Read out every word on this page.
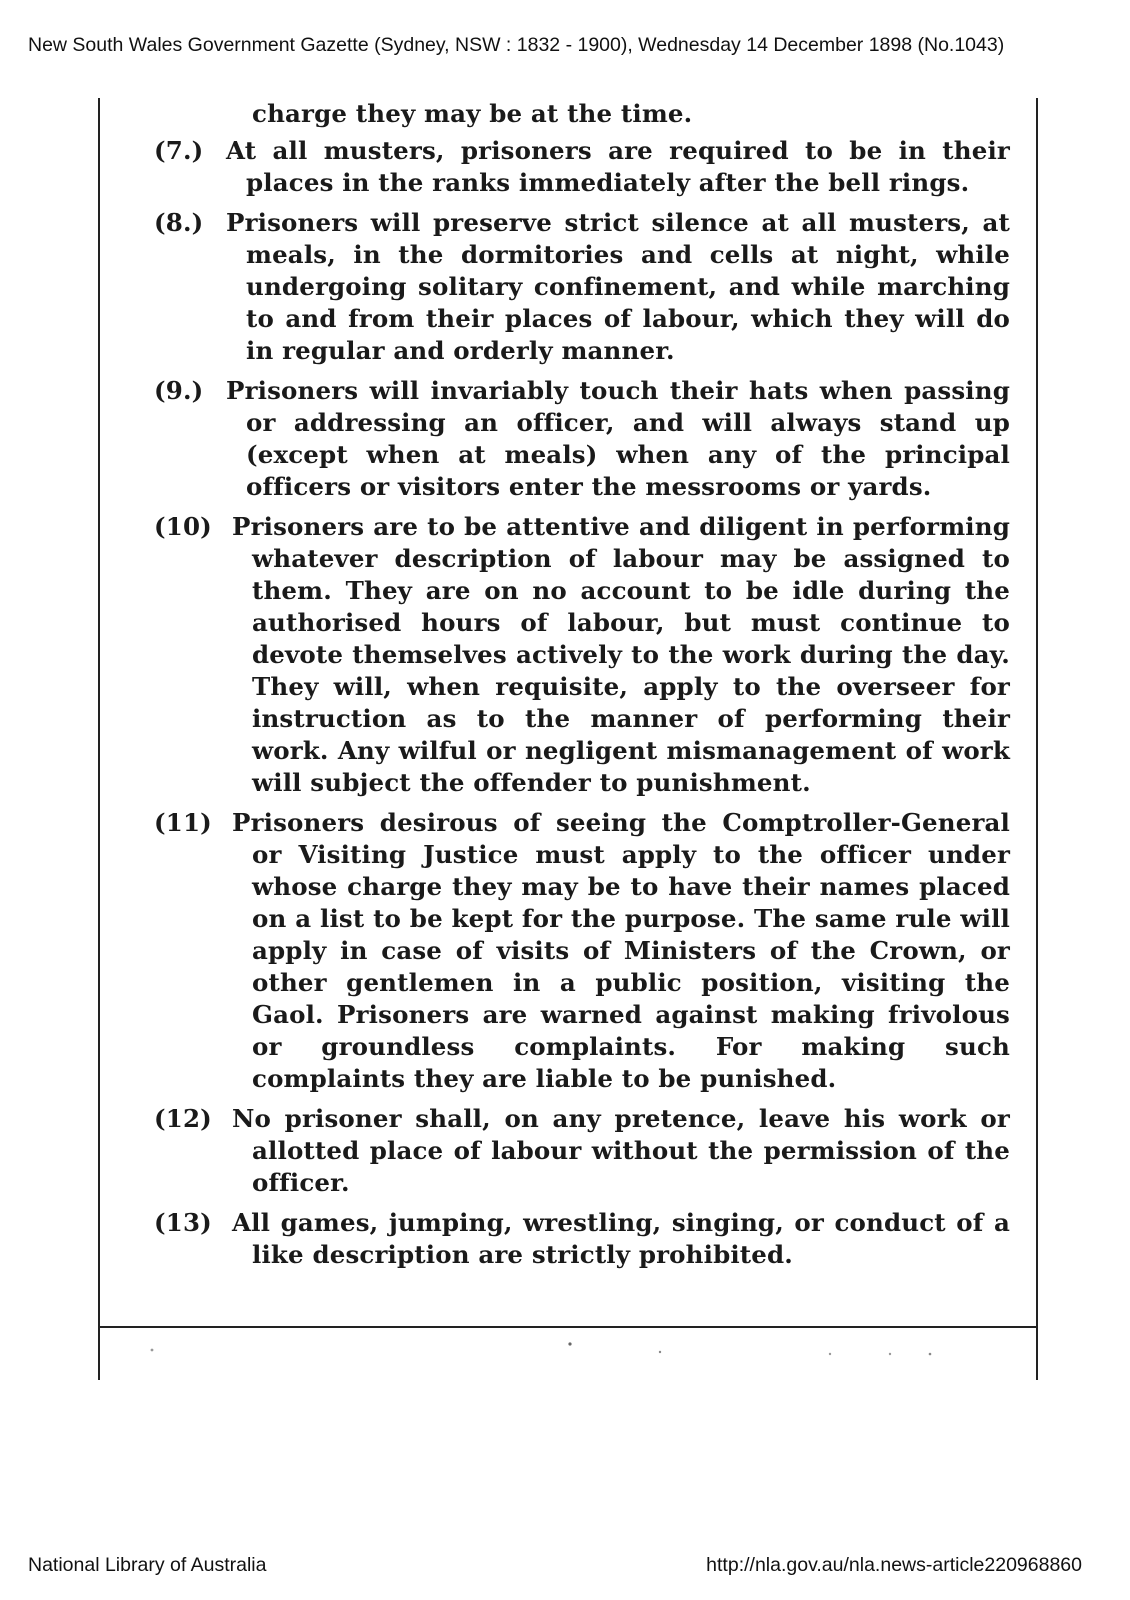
New South Wales Government Gazette (Sydney, NSW : 1832 - 1900), Wednesday 14 December 1898 (No.1043)

charge they may be at the time.

(7.) At all musters, prisoners are required to be in their places in the ranks immediately after the bell rings.
(8.) Prisoners will preserve strict silence at all musters, at meals, in the dormitories and cells at night, while undergoing solitary confinement, and while marching to and from their places of labour, which they will do in regular and orderly manner.
(9.) Prisoners will invariably touch their hats when passing or addressing an officer, and will always stand up (except when at meals) when any of the principal officers or visitors enter the messrooms or yards.
(10) Prisoners are to be attentive and diligent in performing whatever description of labour may be assigned to them. They are on no account to be idle during the authorised hours of labour, but must continue to devote themselves actively to the work during the day. They will, when requisite, apply to the overseer for instruction as to the manner of performing their work. Any wilful or negligent mismanagement of work will subject the offender to punishment.
(11) Prisoners desirous of seeing the Comptroller-General or Visiting Justice must apply to the officer under whose charge they may be to have their names placed on a list to be kept for the purpose. The same rule will apply in case of visits of Ministers of the Crown, or other gentlemen in a public position, visiting the Gaol. Prisoners are warned against making frivolous or groundless complaints. For making such complaints they are liable to be punished.
(12) No prisoner shall, on any pretence, leave his work or allotted place of labour without the permission of the officer.
(13) All games, jumping, wrestling, singing, or conduct of a like description are strictly prohibited.
National Library of Australia	http://nla.gov.au/nla.news-article220968860
